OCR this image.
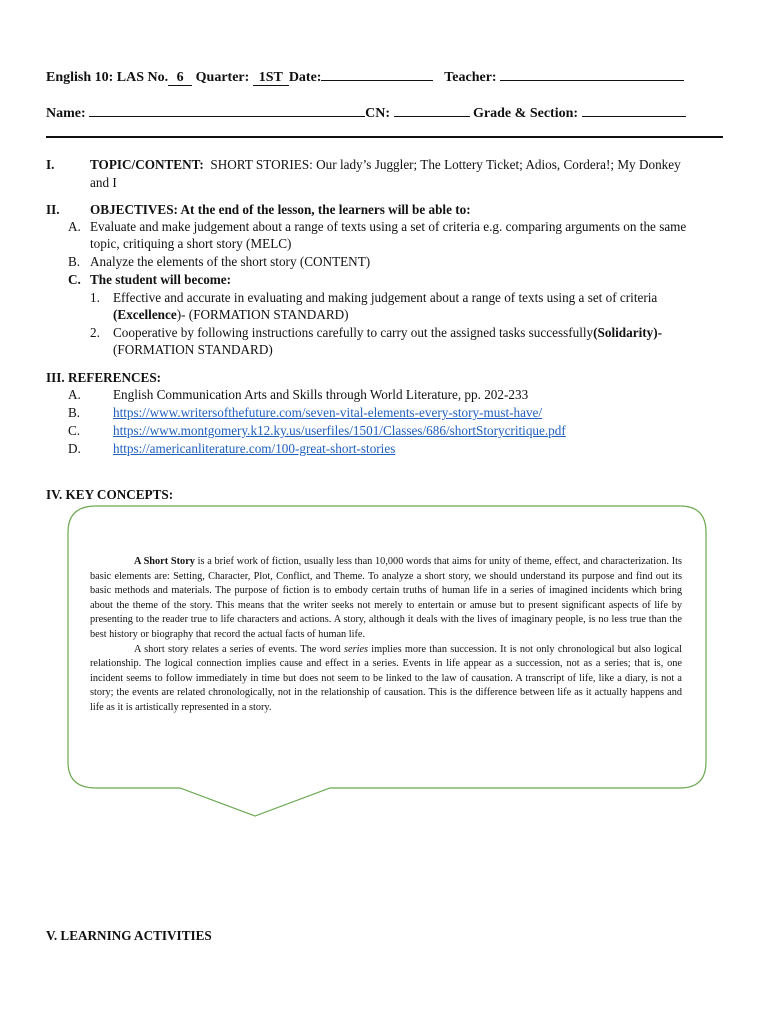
English 10: LAS No. 6 Quarter: 1ST Date:	Teacher:
Name:	CN:	Grade & Section:
I.	TOPIC/CONTENT: SHORT STORIES: Our lady’s Juggler; The Lottery Ticket; Adios, Cordera!; My Donkey
and I
II. OBJECTIVES: At the end of the lesson, the learners will be able to:
A. Evaluate and make judgement about a range of texts using a set of criteria e.g. comparing arguments on the same
topic, critiquing a short story (MELC)
B. Analyze the elements of the short story (CONTENT)
C. The student will become:
1. Effective and accurate in evaluating and making judgement about a range of texts using a set of criteria
(Excellence)- (FORMATION STANDARD)
2. Cooperative by following instructions carefully to carry out the assigned tasks successfully(Solidarity)-
(FORMATION STANDARD)
III. REFERENCES:
A. English Communication Arts and Skills through World Literature, pp. 202-233
B. https://www.writersofthefuture.com/seven-vital-elements-every-story-must-have/
C. https://www.montgomery.k12.ky.us/userfiles/1501/Classes/686/shortStorycritique.pdf
D. https://americanliterature.com/100-great-short-stories
IV. KEY CONCEPTS:

A Short Story is a brief work of fiction, usually less than 10,000 words that aims for unity of theme, effect, and characterization. Its basic elements are: Setting, Character, Plot, Conflict, and Theme. To analyze a short story, we should understand its purpose and find out its basic methods and materials. The purpose of fiction is to embody certain truths of human life in a series of imagined incidents which bring about the theme of the story. This means that the writer seeks not merely to entertain or amuse but to present significant aspects of life by presenting to the reader true to life characters and actions. A story, although it deals with the lives of imaginary people, is no less true than the best history or biography that record the actual facts of human life.

A short story relates a series of events. The word series implies more than succession. It is not only chronological but also logical relationship. The logical connection implies cause and effect in a series. Events in life appear as a succession, not as a series; that is, one incident seems to follow immediately in time but does not seem to be linked to the law of causation. A transcript of life, like a diary, is not a story; the events are related chronologically, not in the relationship of causation. This is the difference between life as it actually happens and life as it is artistically represented in a story.

V. LEARNING ACTIVITIES
